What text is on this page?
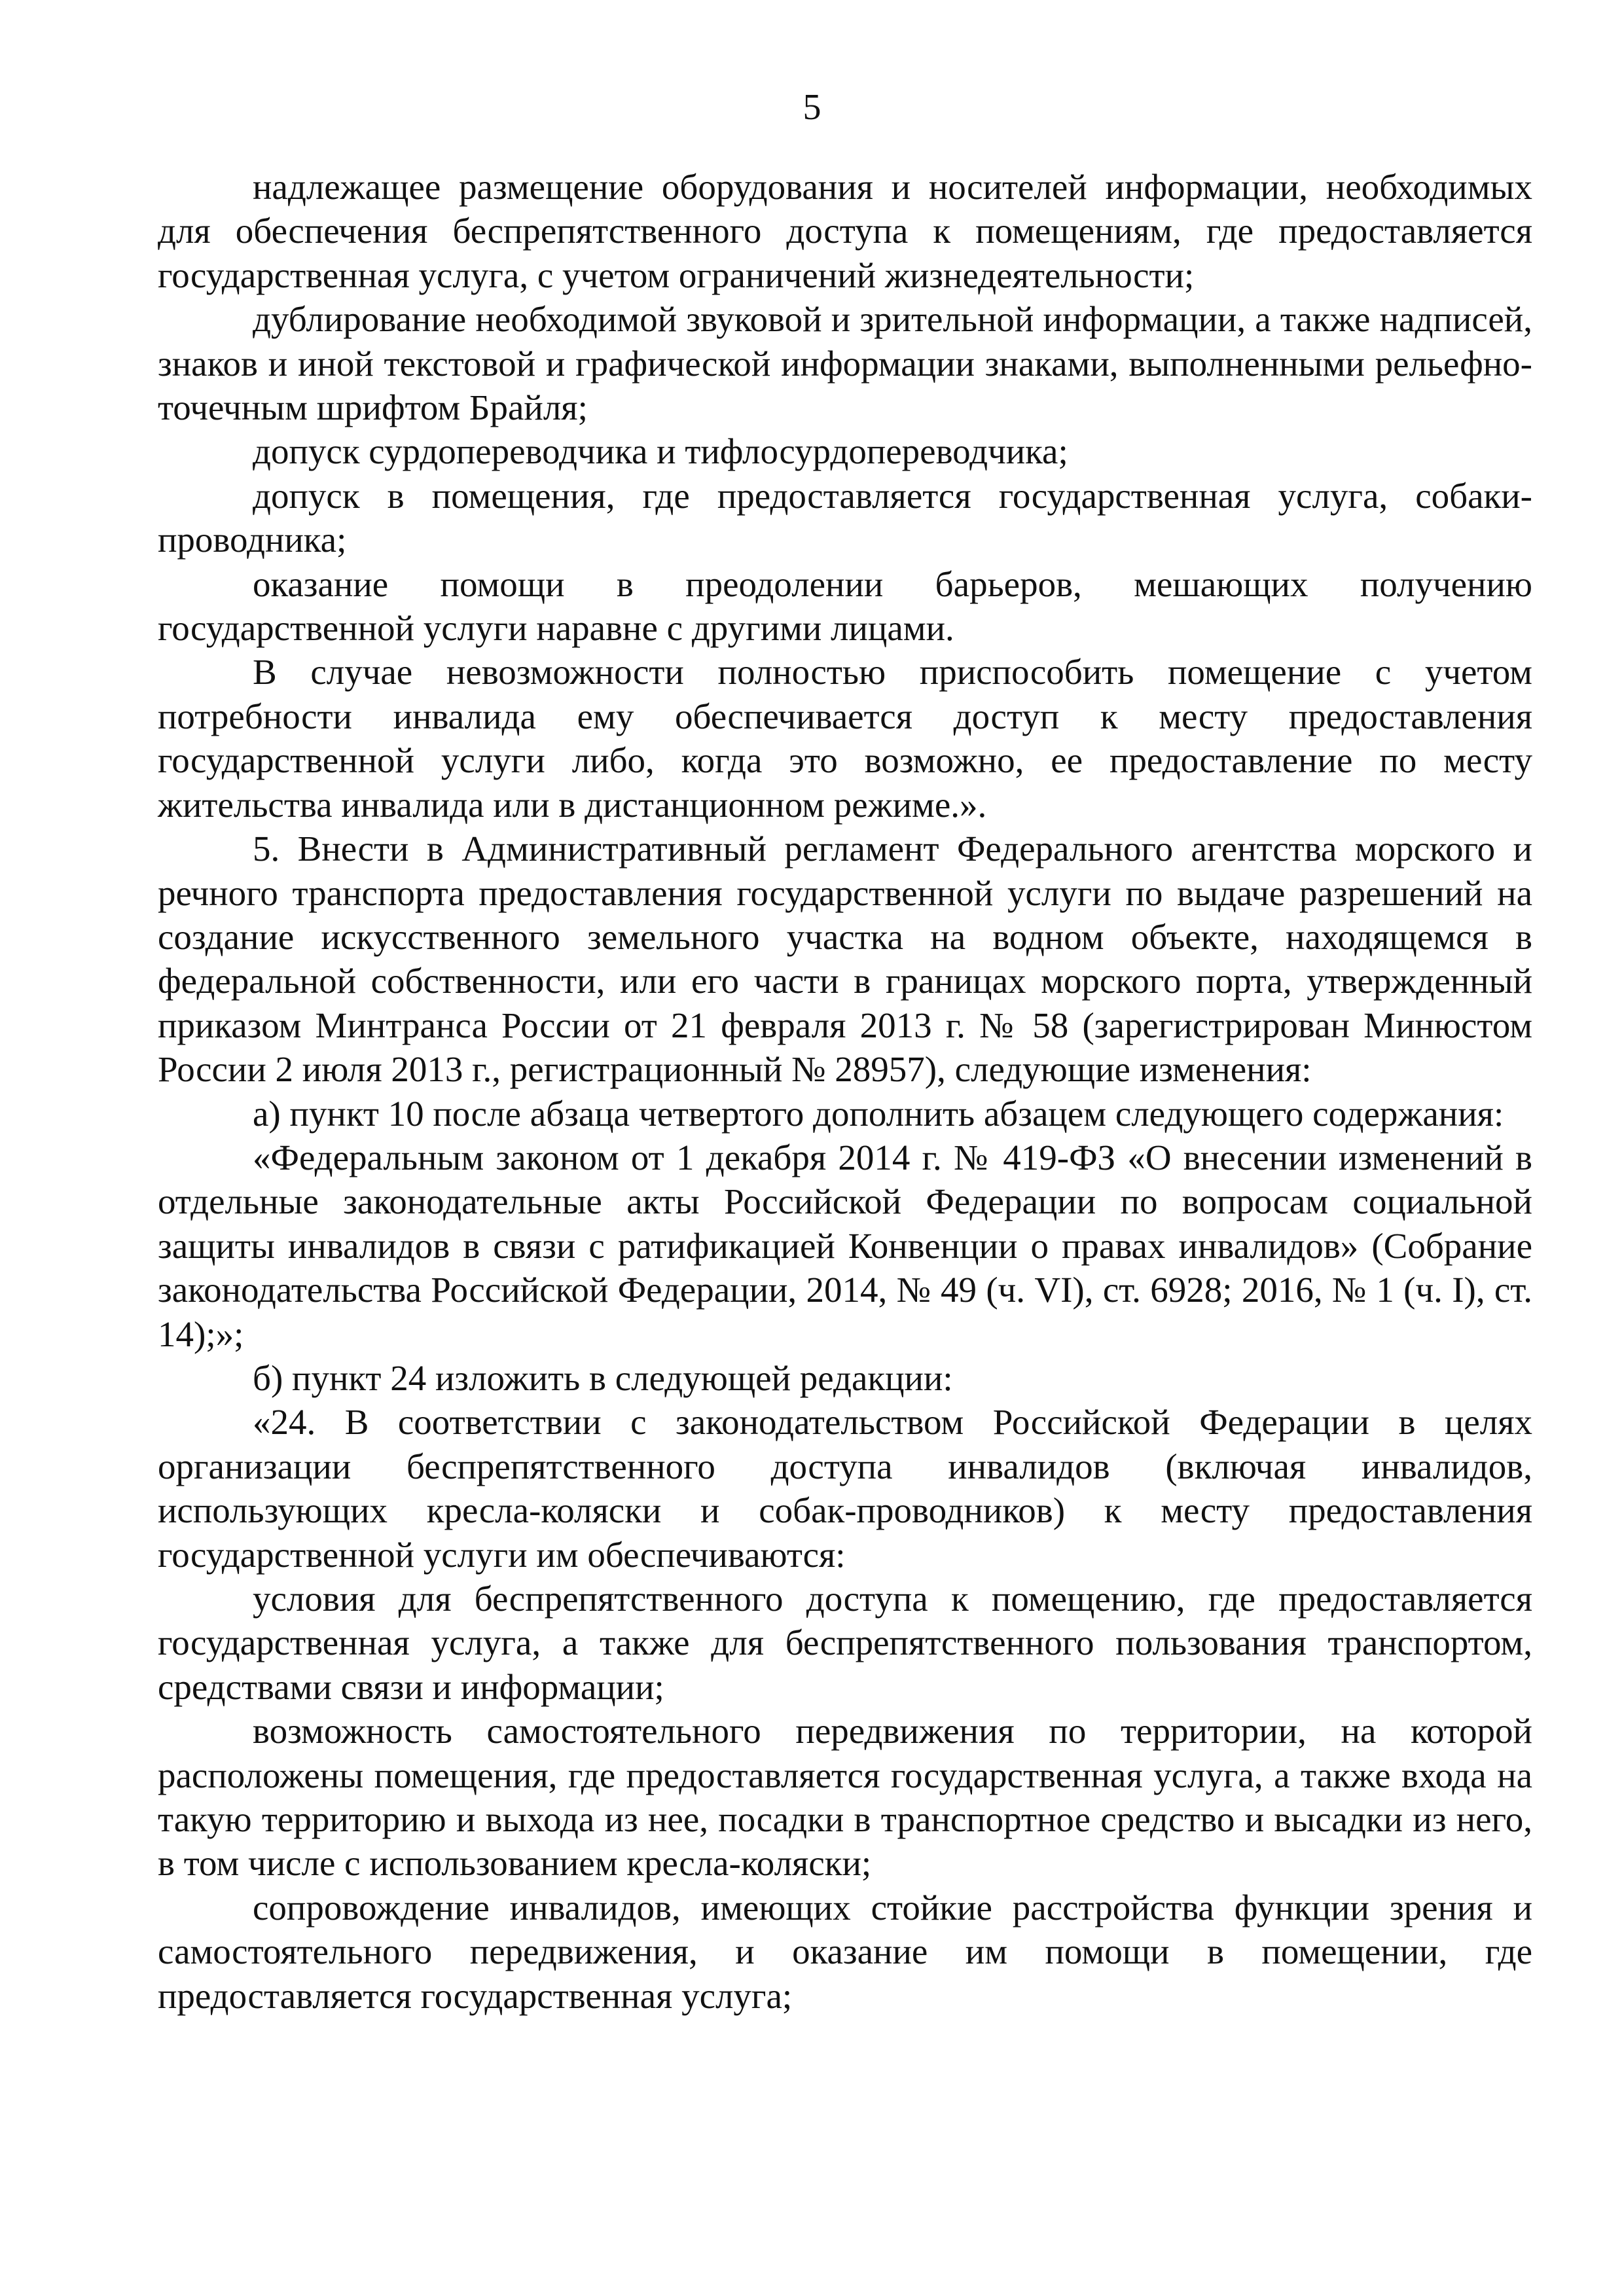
5

надлежащее размещение оборудования и носителей информации, необходимых для обеспечения беспрепятственного доступа к помещениям, где предоставляется государственная услуга, с учетом ограничений жизнедеятельности;

дублирование необходимой звуковой и зрительной информации, а также надписей, знаков и иной текстовой и графической информации знаками, выполненными рельефно-точечным шрифтом Брайля;

допуск сурдопереводчика и тифлосурдопереводчика;

допуск в помещения, где предоставляется государственная услуга, собаки-проводника;

оказание помощи в преодолении барьеров, мешающих получению государственной услуги наравне с другими лицами.

В случае невозможности полностью приспособить помещение с учетом потребности инвалида ему обеспечивается доступ к месту предоставления государственной услуги либо, когда это возможно, ее предоставление по месту жительства инвалида или в дистанционном режиме.».

5. Внести в Административный регламент Федерального агентства морского и речного транспорта предоставления государственной услуги по выдаче разрешений на создание искусственного земельного участка на водном объекте, находящемся в федеральной собственности, или его части в границах морского порта, утвержденный приказом Минтранса России от 21 февраля 2013 г. № 58 (зарегистрирован Минюстом России 2 июля 2013 г., регистрационный № 28957), следующие изменения:

а) пункт 10 после абзаца четвертого дополнить абзацем следующего содержания:

«Федеральным законом от 1 декабря 2014 г. № 419-ФЗ «О внесении изменений в отдельные законодательные акты Российской Федерации по вопросам социальной защиты инвалидов в связи с ратификацией Конвенции о правах инвалидов» (Собрание законодательства Российской Федерации, 2014, № 49 (ч. VI), ст. 6928; 2016, № 1 (ч. I), ст. 14);»;

б) пункт 24 изложить в следующей редакции:

«24. В соответствии с законодательством Российской Федерации в целях организации беспрепятственного доступа инвалидов (включая инвалидов, использующих кресла-коляски и собак-проводников) к месту предоставления государственной услуги им обеспечиваются:

условия для беспрепятственного доступа к помещению, где предоставляется государственная услуга, а также для беспрепятственного пользования транспортом, средствами связи и информации;

возможность самостоятельного передвижения по территории, на которой расположены помещения, где предоставляется государственная услуга, а также входа на такую территорию и выхода из нее, посадки в транспортное средство и высадки из него, в том числе с использованием кресла-коляски;

сопровождение инвалидов, имеющих стойкие расстройства функции зрения и самостоятельного передвижения, и оказание им помощи в помещении, где предоставляется государственная услуга;
